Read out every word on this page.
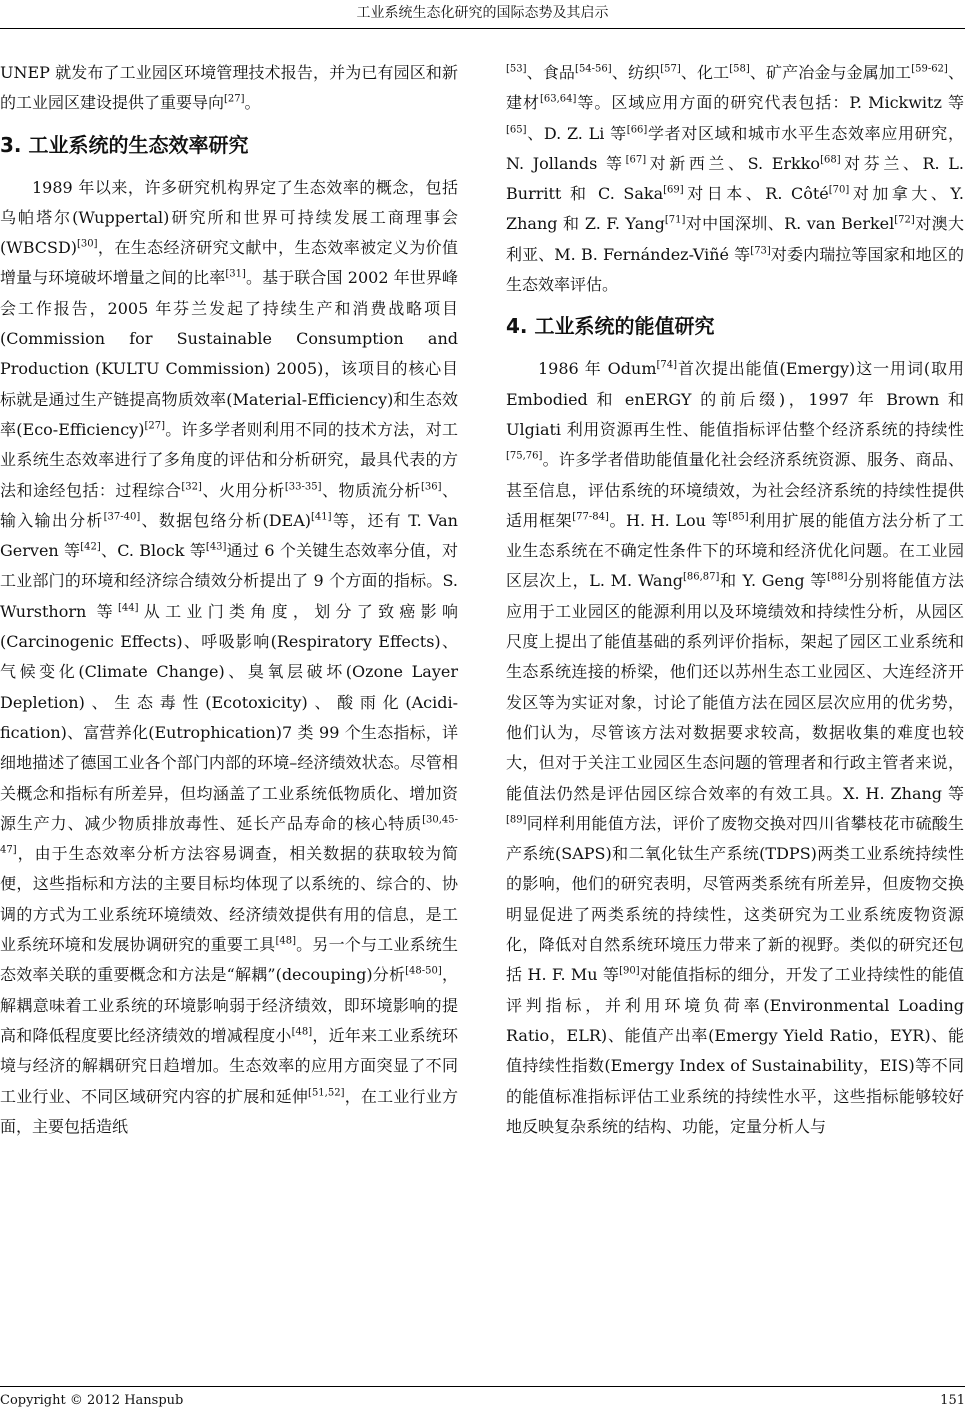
工业系统生态化研究的国际态势及其启示

UNEP 就发布了工业园区环境管理技术报告，并为已有园区和新的工业园区建设提供了重要导向[27]。

3. 工业系统的生态效率研究

1989 年以来，许多研究机构界定了生态效率的概念，包括乌帕塔尔(Wuppertal)研究所和世界可持续发展工商理事会(WBCSD)[30]，在生态经济研究文献中，生态效率被定义为价值增量与环境破坏增量之间的比率[31]。基于联合国 2002 年世界峰会工作报告，2005 年芬兰发起了持续生产和消费战略项目(Commission for Sustainable Consumption and Production (KULTU Commission) 2005)，该项目的核心目标就是通过生产链提高物质效率(Material-Efficiency)和生态效率(Eco-Efficiency)[27]。许多学者则利用不同的技术方法，对工业系统生态效率进行了多角度的评估和分析研究，最具代表的方法和途经包括：过程综合[32]、火用分析[33-35]、物质流分析[36]、输入输出分析[37-40]、数据包络分析(DEA)[41]等，还有 T. Van Gerven 等[42]、C. Block 等[43]通过 6 个关键生态效率分值，对工业部门的环境和经济综合绩效分析提出了 9 个方面的指标。S. Wursthorn 等[44]从工业门类角度，划分了致癌影响(Carcinogenic Effects)、呼吸影响(Respiratory Effects)、气候变化(Climate Change)、臭氧层破坏(Ozone Layer Depletion)、生态毒性(Ecotoxicity)、酸雨化(Acidi-fication)、富营养化(Eutrophication)7 类 99 个生态指标，详细地描述了德国工业各个部门内部的环境–经济绩效状态。尽管相关概念和指标有所差异，但均涵盖了工业系统低物质化、增加资源生产力、减少物质排放毒性、延长产品寿命的核心特质[30,45-47]，由于生态效率分析方法容易调查，相关数据的获取较为简便，这些指标和方法的主要目标均体现了以系统的、综合的、协调的方式为工业系统环境绩效、经济绩效提供有用的信息，是工业系统环境和发展协调研究的重要工具[48]。另一个与工业系统生态效率关联的重要概念和方法是“解耦”(decouping)分析[48-50]，解耦意味着工业系统的环境影响弱于经济绩效，即环境影响的提高和降低程度要比经济绩效的增减程度小[48]，近年来工业系统环境与经济的解耦研究日趋增加。生态效率的应用方面突显了不同工业行业、不同区域研究内容的扩展和延伸[51,52]，在工业行业方面，主要包括造纸

[53]、食品[54-56]、纺织[57]、化工[58]、矿产冶金与金属加工[59-62]、建材[63,64]等。区域应用方面的研究代表包括：P. Mickwitz 等[65]、D. Z. Li 等[66]学者对区域和城市水平生态效率应用研究，N. Jollands 等[67]对新西兰、S. Erkko[68]对芬兰、R. L. Burritt 和 C. Saka[69]对日本、R. Côté[70]对加拿大、Y. Zhang 和 Z. F. Yang[71]对中国深圳、R. van Berkel[72]对澳大利亚、M. B. Fernández-Viñé 等[73]对委内瑞拉等国家和地区的生态效率评估。

4. 工业系统的能值研究

1986 年 Odum[74]首次提出能值(Emergy)这一用词(取用 Embodied 和 enERGY 的前后缀)，1997 年 Brown 和 Ulgiati 利用资源再生性、能值指标评估整个经济系统的持续性[75,76]。许多学者借助能值量化社会经济系统资源、服务、商品、甚至信息，评估系统的环境绩效，为社会经济系统的持续性提供适用框架[77-84]。H. H. Lou 等[85]利用扩展的能值方法分析了工业生态系统在不确定性条件下的环境和经济优化问题。在工业园区层次上，L. M. Wang[86,87]和 Y. Geng 等[88]分别将能值方法应用于工业园区的能源利用以及环境绩效和持续性分析，从园区尺度上提出了能值基础的系列评价指标，架起了园区工业系统和生态系统连接的桥梁，他们还以苏州生态工业园区、大连经济开发区等为实证对象，讨论了能值方法在园区层次应用的优劣势，他们认为，尽管该方法对数据要求较高，数据收集的难度也较大，但对于关注工业园区生态问题的管理者和行政主管者来说，能值法仍然是评估园区综合效率的有效工具。X. H. Zhang 等[89]同样利用能值方法，评价了废物交换对四川省攀枝花市硫酸生产系统(SAPS)和二氧化钛生产系统(TDPS)两类工业系统持续性的影响，他们的研究表明，尽管两类系统有所差异，但废物交换明显促进了两类系统的持续性，这类研究为工业系统废物资源化，降低对自然系统环境压力带来了新的视野。类似的研究还包括 H. F. Mu 等[90]对能值指标的细分，开发了工业持续性的能值评判指标，并利用环境负荷率(Environmental Loading Ratio，ELR)、能值产出率(Emergy Yield Ratio，EYR)、能值持续性指数(Emergy Index of Sustainability，EIS)等不同的能值标准指标评估工业系统的持续性水平，这些指标能够较好地反映复杂系统的结构、功能，定量分析人与

Copyright © 2012 Hanspub	151
